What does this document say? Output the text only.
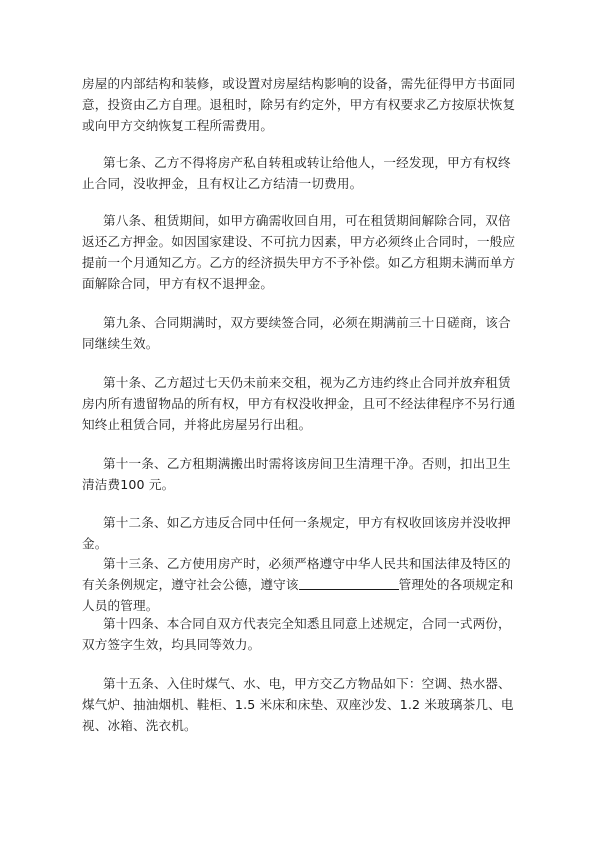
房屋的内部结构和装修，或设置对房屋结构影响的设备，需先征得甲方书面同意，投资由乙方自理。退租时，除另有约定外，甲方有权要求乙方按原状恢复或向甲方交纳恢复工程所需费用。

第七条、乙方不得将房产私自转租或转让给他人，一经发现，甲方有权终止合同，没收押金，且有权让乙方结清一切费用。

第八条、租赁期间，如甲方确需收回自用，可在租赁期间解除合同，双倍返还乙方押金。如因国家建设、不可抗力因素，甲方必须终止合同时，一般应提前一个月通知乙方。乙方的经济损失甲方不予补偿。如乙方租期未满而单方面解除合同，甲方有权不退押金。

第九条、合同期满时，双方要续签合同，必须在期满前三十日磋商，该合同继续生效。

第十条、乙方超过七天仍未前来交租，视为乙方违约终止合同并放弃租赁房内所有遗留物品的所有权，甲方有权没收押金，且可不经法律程序不另行通知终止租赁合同，并将此房屋另行出租。

第十一条、乙方租期满搬出时需将该房间卫生清理干净。否则，扣出卫生清洁费100 元。

第十二条、如乙方违反合同中任何一条规定，甲方有权收回该房并没收押金。

第十三条、乙方使用房产时，必须严格遵守中华人民共和国法律及特区的有关条例规定，遵守社会公德，遵守该	管理处的各项规定和人员的管理。

第十四条、本合同自双方代表完全知悉且同意上述规定，合同一式两份，双方签字生效，均具同等效力。

第十五条、入住时煤气、水、电，甲方交乙方物品如下：空调、热水器、煤气炉、抽油烟机、鞋柜、1.5 米床和床垫、双座沙发、1.2 米玻璃茶几、电视、冰箱、洗衣机。
